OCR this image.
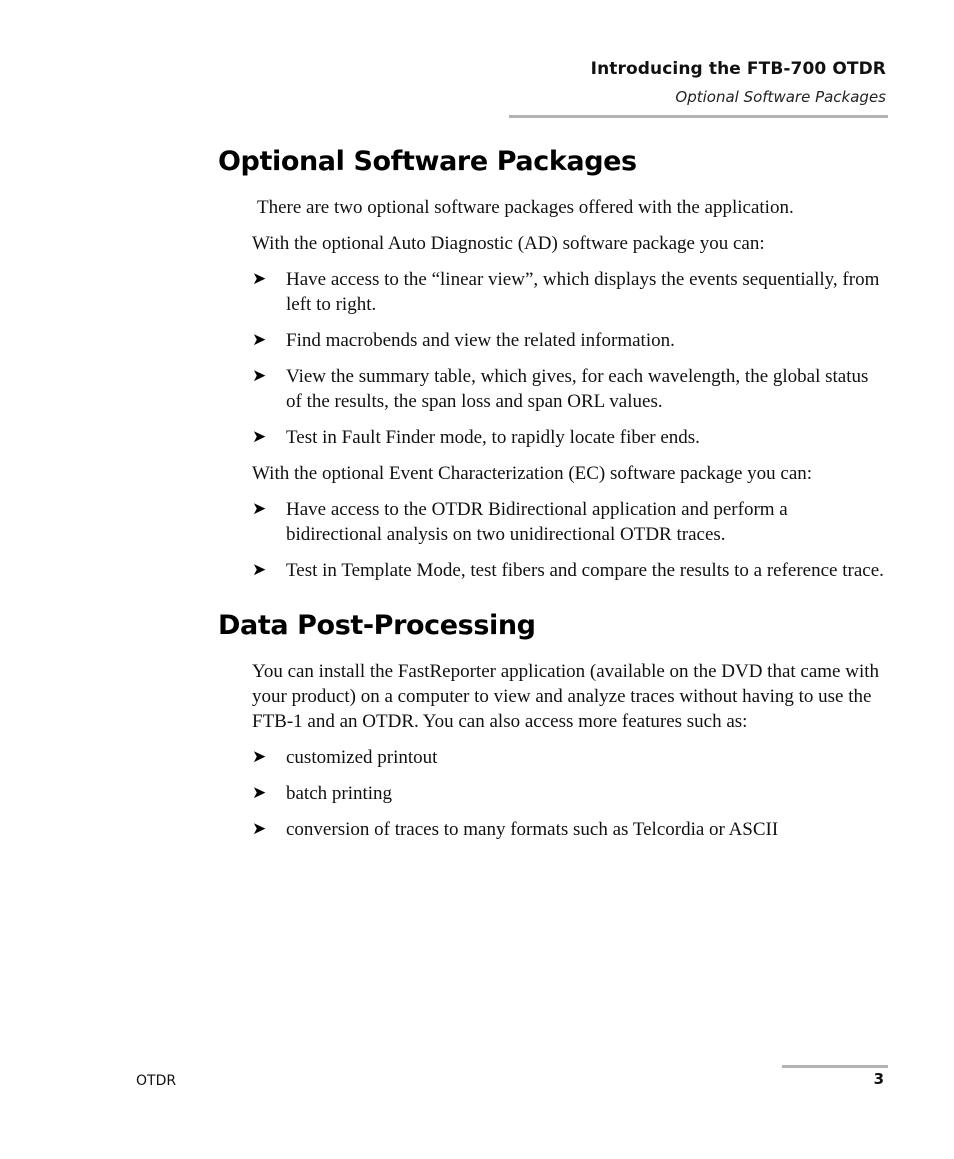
Introducing the FTB-700 OTDR
Optional Software Packages
Optional Software Packages

There are two optional software packages offered with the application.

With the optional Auto Diagnostic (AD) software package you can:

➤ Have access to the “linear view”, which displays the events sequentially, from left to right.
➤ Find macrobends and view the related information.
➤ View the summary table, which gives, for each wavelength, the global status of the results, the span loss and span ORL values.
➤ Test in Fault Finder mode, to rapidly locate fiber ends.

With the optional Event Characterization (EC) software package you can:

➤ Have access to the OTDR Bidirectional application and perform a bidirectional analysis on two unidirectional OTDR traces.
➤ Test in Template Mode, test fibers and compare the results to a reference trace.
Data Post-Processing

You can install the FastReporter application (available on the DVD that came with your product) on a computer to view and analyze traces without having to use the FTB-1 and an OTDR. You can also access more features such as:

➤ customized printout
➤ batch printing
➤ conversion of traces to many formats such as Telcordia or ASCII
OTDR	3
